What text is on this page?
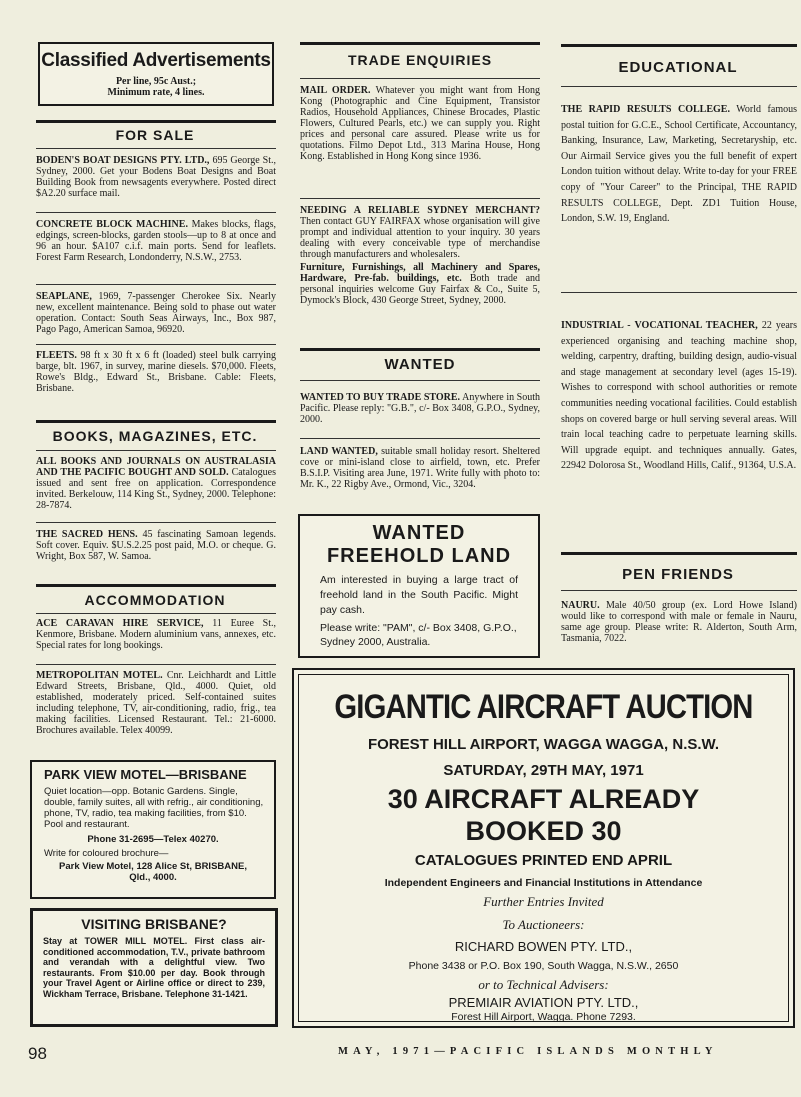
Classified Advertisements
Per line, 95c Aust.;
Minimum rate, 4 lines.
FOR SALE

BODEN'S BOAT DESIGNS PTY. LTD., 695 George St., Sydney, 2000. Get your Bodens Boat Designs and Boat Building Book from newsagents everywhere. Posted direct $A2.20 surface mail.

CONCRETE BLOCK MACHINE. Makes blocks, flags, edgings, screen-blocks, garden stools—up to 8 at once and 96 an hour. $A107 c.i.f. main ports. Send for leaflets. Forest Farm Research, Londonderry, N.S.W., 2753.

SEAPLANE, 1969, 7-passenger Cherokee Six. Nearly new, excellent maintenance. Being sold to phase out water operation. Contact: South Seas Airways, Inc., Box 987, Pago Pago, American Samoa, 96920.

FLEETS. 98 ft x 30 ft x 6 ft (loaded) steel bulk carrying barge, blt. 1967, in survey, marine diesels. $70,000. Fleets, Rowe's Bldg., Edward St., Brisbane. Cable: Fleets, Brisbane.

BOOKS, MAGAZINES, ETC.

ALL BOOKS AND JOURNALS ON AUSTRALASIA AND THE PACIFIC BOUGHT AND SOLD. Catalogues issued and sent free on application. Correspondence invited. Berkelouw, 114 King St., Sydney, 2000. Telephone: 28-7874.

THE SACRED HENS. 45 fascinating Samoan legends. Soft cover. Equiv. $U.S.2.25 post paid, M.O. or cheque. G. Wright, Box 587, W. Samoa.

ACCOMMODATION

ACE CARAVAN HIRE SERVICE, 11 Euree St., Kenmore, Brisbane. Modern aluminium vans, annexes, etc. Special rates for long bookings.

METROPOLITAN MOTEL. Cnr. Leichhardt and Little Edward Streets, Brisbane, Qld., 4000. Quiet, old established, moderately priced. Self-contained suites including telephone, TV, air-conditioning, radio, frig., tea making facilities. Licensed Restaurant. Tel.: 21-6000. Brochures available. Telex 40099.

PARK VIEW MOTEL—BRISBANE
Quiet location—opp. Botanic Gardens. Single, double, family suites, all with refrig., air conditioning, phone, TV, radio, tea making facilities, from $10. Pool and restaurant.
Phone 31-2695—Telex 40270.
Write for coloured brochure—
Park View Motel, 128 Alice St, BRISBANE, Qld., 4000.
VISITING BRISBANE?
Stay at TOWER MILL MOTEL. First class air-conditioned accommodation, T.V., private bathroom and verandah with a delightful view. Two restaurants. From $10.00 per day. Book through your Travel Agent or Airline office or direct to 239, Wickham Terrace, Brisbane. Telephone 31-1421.
98
TRADE ENQUIRIES

MAIL ORDER. Whatever you might want from Hong Kong (Photographic and Cine Equipment, Transistor Radios, Household Appliances, Chinese Brocades, Plastic Flowers, Cultured Pearls, etc.) we can supply you. Right prices and personal care assured. Please write us for quotations. Filmo Depot Ltd., 313 Marina House, Hong Kong. Established in Hong Kong since 1936.

NEEDING A RELIABLE SYDNEY MERCHANT? Then contact GUY FAIRFAX whose organisation will give prompt and individual attention to your inquiry. 30 years dealing with every conceivable type of merchandise through manufacturers and wholesalers.

Furniture, Furnishings, all Machinery and Spares, Hardware, Pre-fab. buildings, etc. Both trade and personal inquiries welcome Guy Fairfax & Co., Suite 5, Dymock's Block, 430 George Street, Sydney, 2000.

WANTED

WANTED TO BUY TRADE STORE. Anywhere in South Pacific. Please reply: "G.B.", c/- Box 3408, G.P.O., Sydney, 2000.

LAND WANTED, suitable small holiday resort. Sheltered cove or mini-island close to airfield, town, etc. Prefer B.S.I.P. Visiting area June, 1971. Write fully with photo to: Mr. K., 22 Rigby Ave., Ormond, Vic., 3204.

WANTED
FREEHOLD LAND
Am interested in buying a large tract of freehold land in the South Pacific. Might pay cash.
Please write: "PAM", c/- Box 3408, G.P.O., Sydney 2000, Australia.
EDUCATIONAL

THE RAPID RESULTS COLLEGE. World famous postal tuition for G.C.E., School Certificate, Accountancy, Banking, Insurance, Law, Marketing, Secretaryship, etc. Our Airmail Service gives you the full benefit of expert London tuition without delay. Write to-day for your FREE copy of "Your Career" to the Principal, THE RAPID RESULTS COLLEGE, Dept. ZD1 Tuition House, London, S.W. 19, England.

INDUSTRIAL - VOCATIONAL TEACHER, 22 years experienced organising and teaching machine shop, welding, carpentry, drafting, building design, audio-visual and stage management at secondary level (ages 15-19). Wishes to correspond with school authorities or remote communities needing vocational facilities. Could establish shops on covered barge or hull serving several areas. Will train local teaching cadre to perpetuate learning skills. Will upgrade equipt. and techniques annually. Gates, 22942 Dolorosa St., Woodland Hills, Calif., 91364, U.S.A.

PEN FRIENDS

NAURU. Male 40/50 group (ex. Lord Howe Island) would like to correspond with male or female in Nauru, same age group. Please write: R. Alderton, South Arm, Tasmania, 7022.

GIGANTIC AIRCRAFT AUCTION
FOREST HILL AIRPORT, WAGGA WAGGA, N.S.W.
SATURDAY, 29TH MAY, 1971
30 AIRCRAFT ALREADY
BOOKED 30
CATALOGUES PRINTED END APRIL
Independent Engineers and Financial Institutions in Attendance
Further Entries Invited
To Auctioneers:
RICHARD BOWEN PTY. LTD.,
Phone 3438 or P.O. Box 190, South Wagga, N.S.W., 2650
or to Technical Advisers:
PREMIAIR AVIATION PTY. LTD.,
Forest Hill Airport, Wagga. Phone 7293.
MAY, 1971—PACIFIC ISLANDS MONTHLY
